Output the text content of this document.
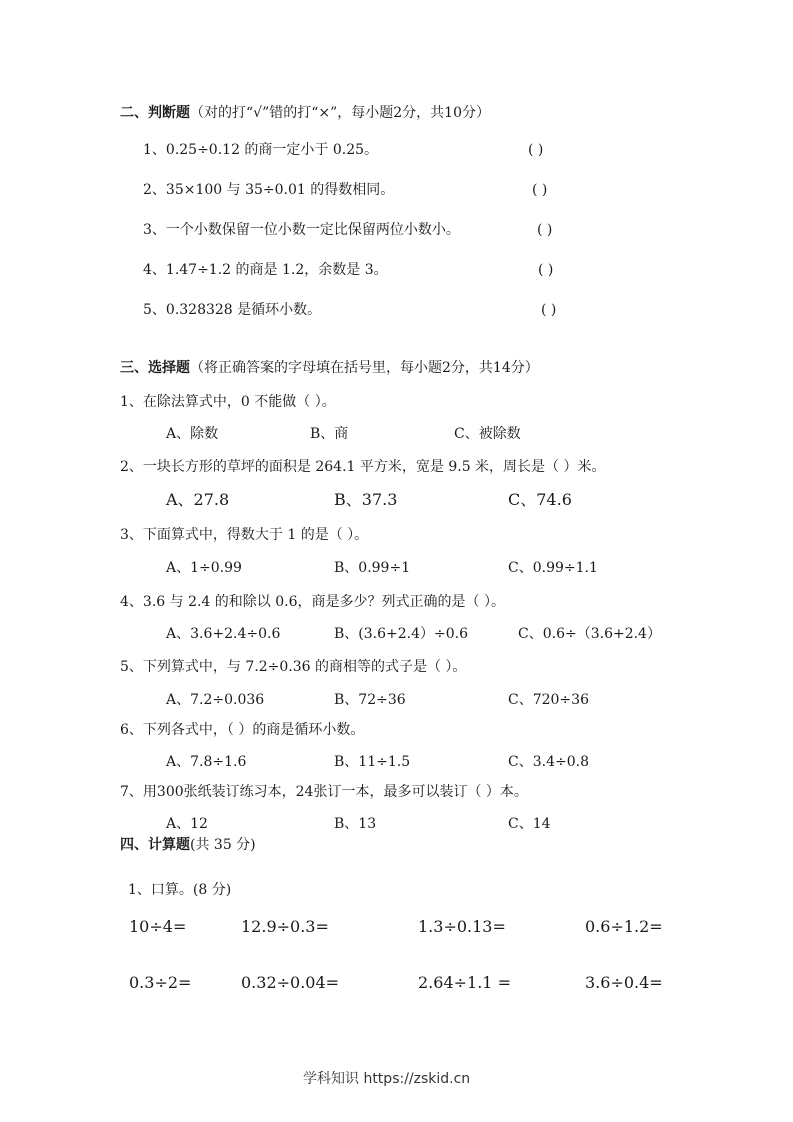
二、判断题（对的打“√”错的打“×”，每小题2分，共10分）
1、0.25÷0.12 的商一定小于 0.25。	( )
2、35×100 与 35÷0.01 的得数相同。	( )
3、一个小数保留一位小数一定比保留两位小数小。	( )
4、1.47÷1.2 的商是 1.2，余数是 3。	( )
5、0.328328 是循环小数。	( )
三、选择题（将正确答案的字母填在括号里，每小题2分，共14分）
1、在除法算式中，0 不能做（ ）。
A、除数	B、商	C、被除数
2、一块长方形的草坪的面积是 264.1 平方米，宽是 9.5 米，周长是（ ）米。
A、27.8	B、37.3	C、74.6
3、下面算式中，得数大于 1 的是（ ）。
A、1÷0.99	B、0.99÷1	C、0.99÷1.1
4、3.6 与 2.4 的和除以 0.6，商是多少？列式正确的是（ ）。
A、3.6+2.4÷0.6	B、(3.6+2.4）÷0.6	C、0.6÷（3.6+2.4）
5、下列算式中，与 7.2÷0.36 的商相等的式子是（ ）。
A、7.2÷0.036	B、72÷36	C、720÷36
6、下列各式中，（ ）的商是循环小数。
A、7.8÷1.6	B、11÷1.5	C、3.4÷0.8
7、用300张纸装订练习本，24张订一本，最多可以装订（ ）本。
A、12	B、13	C、14
四、计算题(共 35 分)
1、口算。(8 分)
10÷4=	12.9÷0.3=	1.3÷0.13=	0.6÷1.2=
0.3÷2=	0.32÷0.04=	2.64÷1.1 =	3.6÷0.4=
学科知识 https://zskid.cn
